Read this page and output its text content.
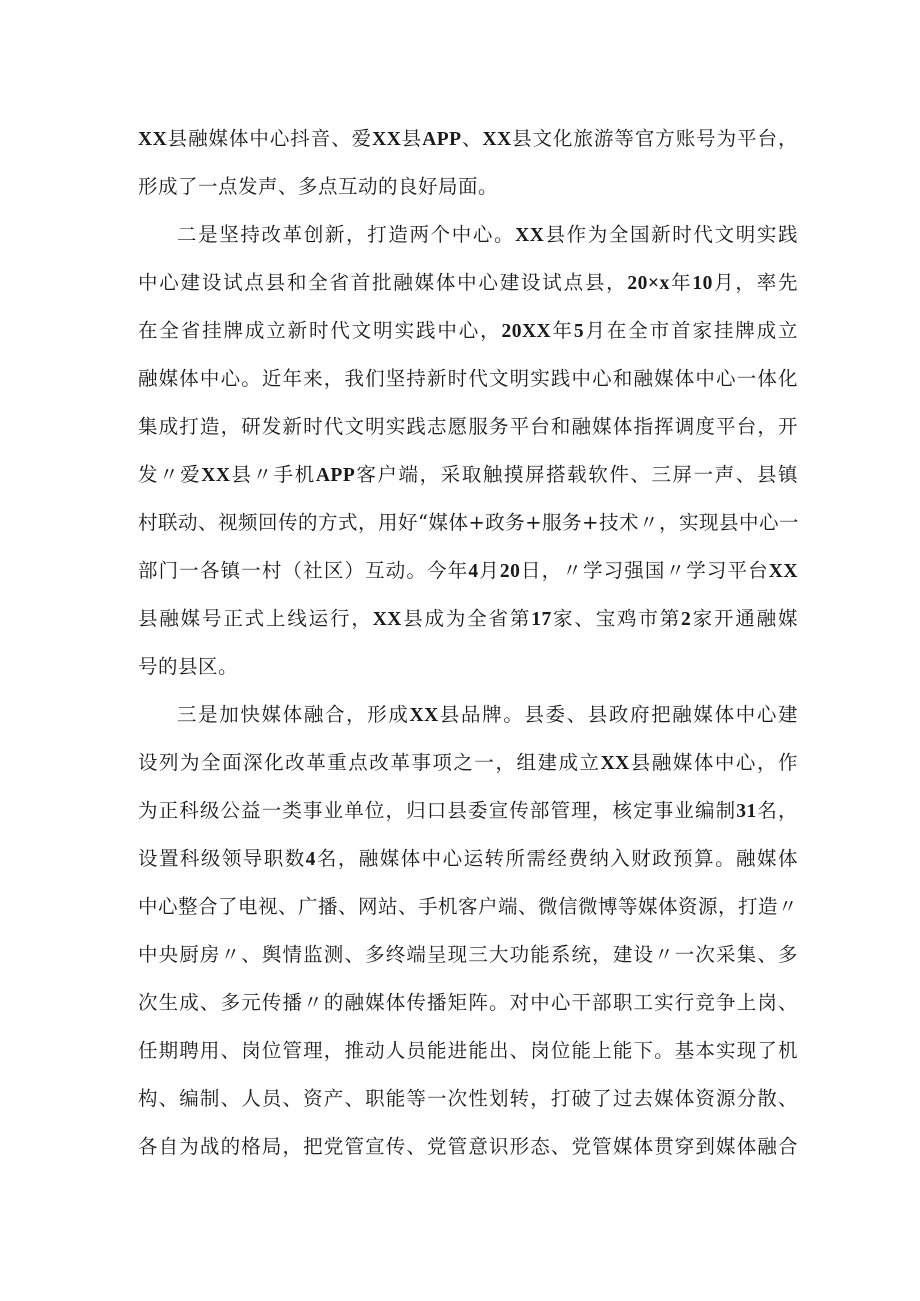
XX县融媒体中心抖音、爱XX县APP、XX县文化旅游等官方账号为平台，
形成了一点发声、多点互动的良好局面。
二是坚持改革创新，打造两个中心。XX县作为全国新时代文明实践
中心建设试点县和全省首批融媒体中心建设试点县，20×x年10月，率先
在全省挂牌成立新时代文明实践中心，20XX年5月在全市首家挂牌成立
融媒体中心。近年来，我们坚持新时代文明实践中心和融媒体中心一体化
集成打造，研发新时代文明实践志愿服务平台和融媒体指挥调度平台，开
发〃爱XX县〃手机APP客户端，采取触摸屏搭载软件、三屏一声、县镇
村联动、视频回传的方式，用好“媒体+政务+服务+技术〃，实现县中心一
部门一各镇一村（社区）互动。今年4月20日，〃学习强国〃学习平台XX
县融媒号正式上线运行，XX县成为全省第17家、宝鸡市第2家开通融媒
号的县区。
三是加快媒体融合，形成XX县品牌。县委、县政府把融媒体中心建
设列为全面深化改革重点改革事项之一，组建成立XX县融媒体中心，作
为正科级公益一类事业单位，归口县委宣传部管理，核定事业编制31名，
设置科级领导职数4名，融媒体中心运转所需经费纳入财政预算。融媒体
中心整合了电视、广播、网站、手机客户端、微信微博等媒体资源，打造〃
中央厨房〃、舆情监测、多终端呈现三大功能系统，建设〃一次采集、多
次生成、多元传播〃的融媒体传播矩阵。对中心干部职工实行竞争上岗、
任期聘用、岗位管理，推动人员能进能出、岗位能上能下。基本实现了机
构、编制、人员、资产、职能等一次性划转，打破了过去媒体资源分散、
各自为战的格局，把党管宣传、党管意识形态、党管媒体贯穿到媒体融合
